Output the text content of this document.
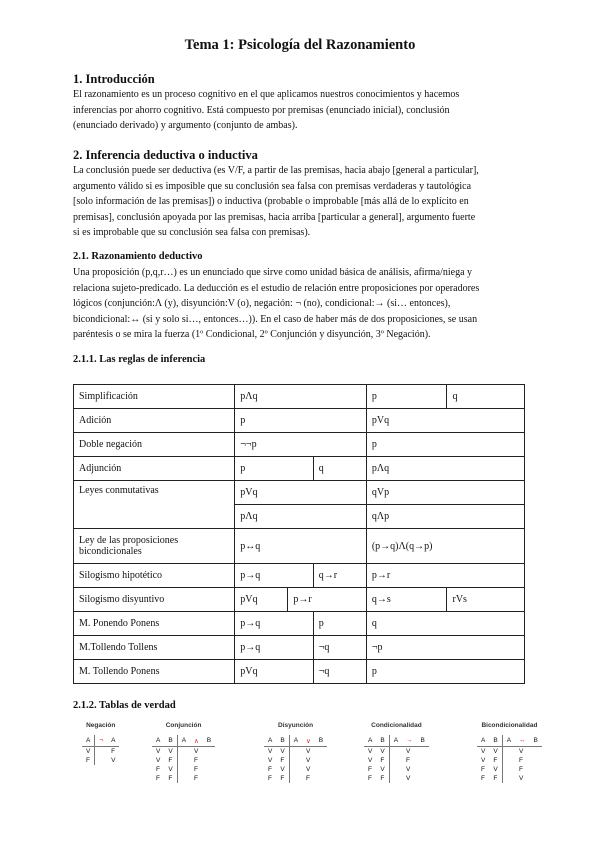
Tema 1: Psicología del Razonamiento
1. Introducción

El razonamiento es un proceso cognitivo en el que aplicamos nuestros conocimientos y hacemos
inferencias por ahorro cognitivo. Está compuesto por premisas (enunciado inicial), conclusión
(enunciado derivado) y argumento (conjunto de ambas).

2. Inferencia deductiva o inductiva

La conclusión puede ser deductiva (es V/F, a partir de las premisas, hacia abajo [general a particular],
argumento válido si es imposible que su conclusión sea falsa con premisas verdaderas y tautológica
[solo información de las premisas]) o inductiva (probable o improbable [más allá de lo explícito en
premisas], conclusión apoyada por las premisas, hacia arriba [particular a general], argumento fuerte
si es improbable que su conclusión sea falsa con premisas).

2.1. Razonamiento deductivo

Una proposición (p,q,r…) es un enunciado que sirve como unidad básica de análisis, afirma/niega y
relaciona sujeto-predicado. La deducción es el estudio de relación entre proposiciones por operadores
lógicos (conjunción:Λ (y), disyunción:V (o), negación: ¬ (no), condicional:→ (si… entonces),
bicondicional:↔ (si y solo si…, entonces…)). En el caso de haber más de dos proposiciones, se usan
paréntesis o se mira la fuerza (1º Condicional, 2º Conjunción y disyunción, 3º Negación).

2.1.1. Las reglas de inferencia
Simplificación	pΛq			p	q
Adición	p			pVq	
Doble negación	¬¬p			p	
Adjunción	p		q	pΛq	
Leyes conmutativas	pVq			qVp	
	pΛq			qΛp	
Ley de las proposiciones bicondicionales	p↔q			(p→q)Λ(q→p)	
Silogismo hipotético	p→q		q→r	p→r	
Silogismo disyuntivo	pVq	p→r		q→s	rVs
M. Ponendo Ponens	p→q		p	q	
M.Tollendo Tollens	p→q		¬q	¬p	
M. Tollendo Ponens	pVq		¬q	p	
2.1.2. Tablas de verdad
Negación
A	¬	A
V		F
F		V
Conjunción
A	B	A	∧	B
V	V		V	
V	F		F	
F	V		F	
F	F		F	
Disyunción
A	B	A	∨	B
V	V		V	
V	F		V	
F	V		V	
F	F		F	
Condicionalidad
A	B	A	→	B
V	V		V	
V	F		F	
F	V		V	
F	F		V	
Bicondicionalidad
A	B	A	↔	B
V	V		V	
V	F		F	
F	V		F	
F	F		V	
